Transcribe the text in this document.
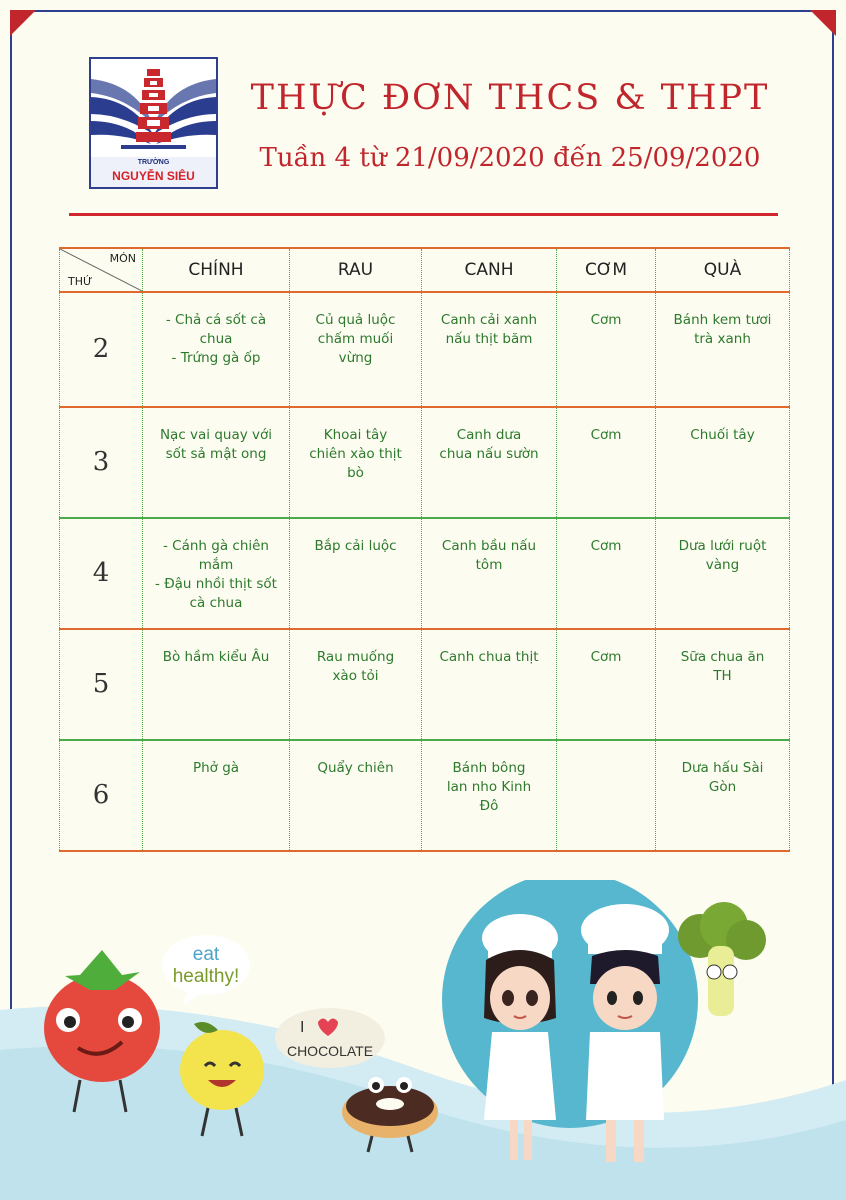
TRƯỜNG
NGUYỄN SIÊU
THỰC ĐƠN THCS & THPT
Tuần 4 từ 21/09/2020 đến 25/09/2020
MÓN
THỨ	CHÍNH	RAU	CANH	CƠM	QUÀ
2	- Chả cá sốt cà
chua
- Trứng gà ốp	Củ quả luộc
chấm muối
vừng	Canh cải xanh
nấu thịt băm	Cơm	Bánh kem tươi
trà xanh

3	Nạc vai quay với
sốt sả mật ong	Khoai tây
chiên xào thịt
bò	Canh dưa
chua nấu sườn	Cơm	Chuối tây

4	- Cánh gà chiên
mắm
- Đậu nhồi thịt sốt
cà chua	Bắp cải luộc	Canh bầu nấu
tôm	Cơm	Dưa lưới ruột
vàng

5	Bò hầm kiểu Âu	Rau muống
xào tỏi	Canh chua thịt	Cơm	Sữa chua ăn
TH

6	Phở gà	Quẩy chiên	Bánh bông
lan nho Kinh
Đô		Dưa hấu Sài
Gòn
eat
healthy!
I
CHOCOLATE
